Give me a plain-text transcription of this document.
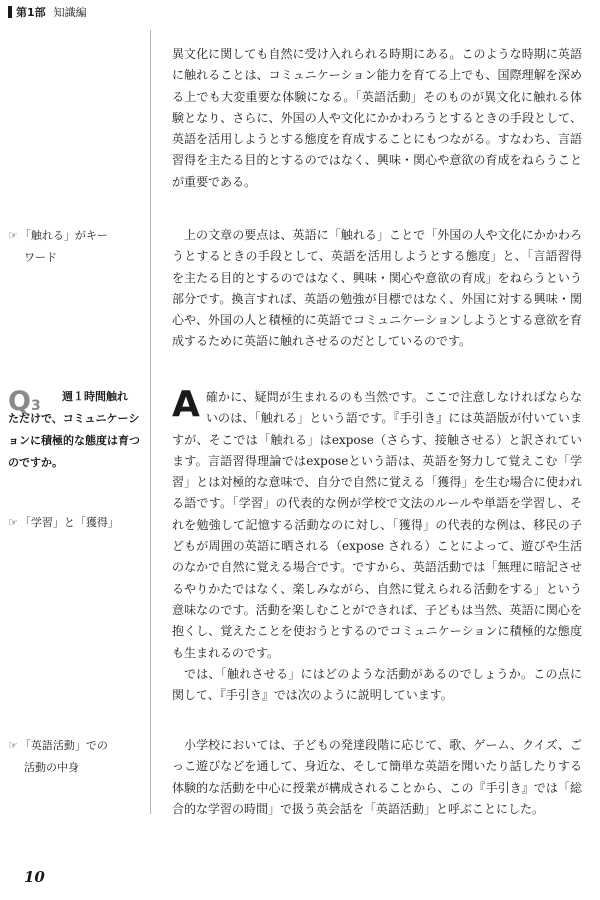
第1部 知識編

異文化に関しても自然に受け入れられる時期にある。このような時期に英語に触れることは、コミュニケーション能力を育てる上でも、国際理解を深める上でも大変重要な体験になる。「英語活動」そのものが異文化に触れる体験となり、さらに、外国の人や文化にかかわろうとするときの手段として、英語を活用しようとする態度を育成することにもつながる。すなわち、言語習得を主たる目的とするのではなく、興味・関心や意欲の育成をねらうことが重要である。

☞ 「触れる」がキー
ワード

上の文章の要点は、英語に「触れる」ことで「外国の人や文化にかかわろうとするときの手段として、英語を活用しようとする態度」と、「言語習得を主たる目的とするのではなく、興味・関心や意欲の育成」をねらうという部分です。換言すれば、英語の勉強が目標ではなく、外国に対する興味・関心や、外国の人と積極的に英語でコミュニケーションしようとする意欲を育成するために英語に触れさせるのだとしているのです。

Q3
週１時間触れ
ただけで、コミュニケーションに積極的な態度は育つのですか。
☞ 「学習」と「獲得」
A 確かに、疑問が生まれるのも当然です。ここで注意しなければならないのは、「触れる」という語です。『手引き』には英語版が付いていますが、そこでは「触れる」はexpose（さらす、接触させる）と訳されています。言語習得理論ではexposeという語は、英語を努力して覚えこむ「学習」とは対極的な意味で、自分で自然に覚える「獲得」を生む場合に使われる語です。「学習」の代表的な例が学校で文法のルールや単語を学習し、それを勉強して記憶する活動なのに対し、「獲得」の代表的な例は、移民の子どもが周囲の英語に晒される（expose される）ことによって、遊びや生活のなかで自然に覚える場合です。ですから、英語活動では「無理に暗記させるやりかたではなく、楽しみながら、自然に覚えられる活動をする」という意味なのです。活動を楽しむことができれば、子どもは当然、英語に関心を抱くし、覚えたことを使おうとするのでコミュニケーションに積極的な態度も生まれるのです。

では、「触れさせる」にはどのような活動があるのでしょうか。この点に関して、『手引き』では次のように説明しています。

☞ 「英語活動」での
活動の中身

小学校においては、子どもの発達段階に応じて、歌、ゲーム、クイズ、ごっこ遊びなどを通して、身近な、そして簡単な英語を聞いたり話したりする体験的な活動を中心に授業が構成されることから、この『手引き』では「総合的な学習の時間」で扱う英会話を「英語活動」と呼ぶことにした。

10
